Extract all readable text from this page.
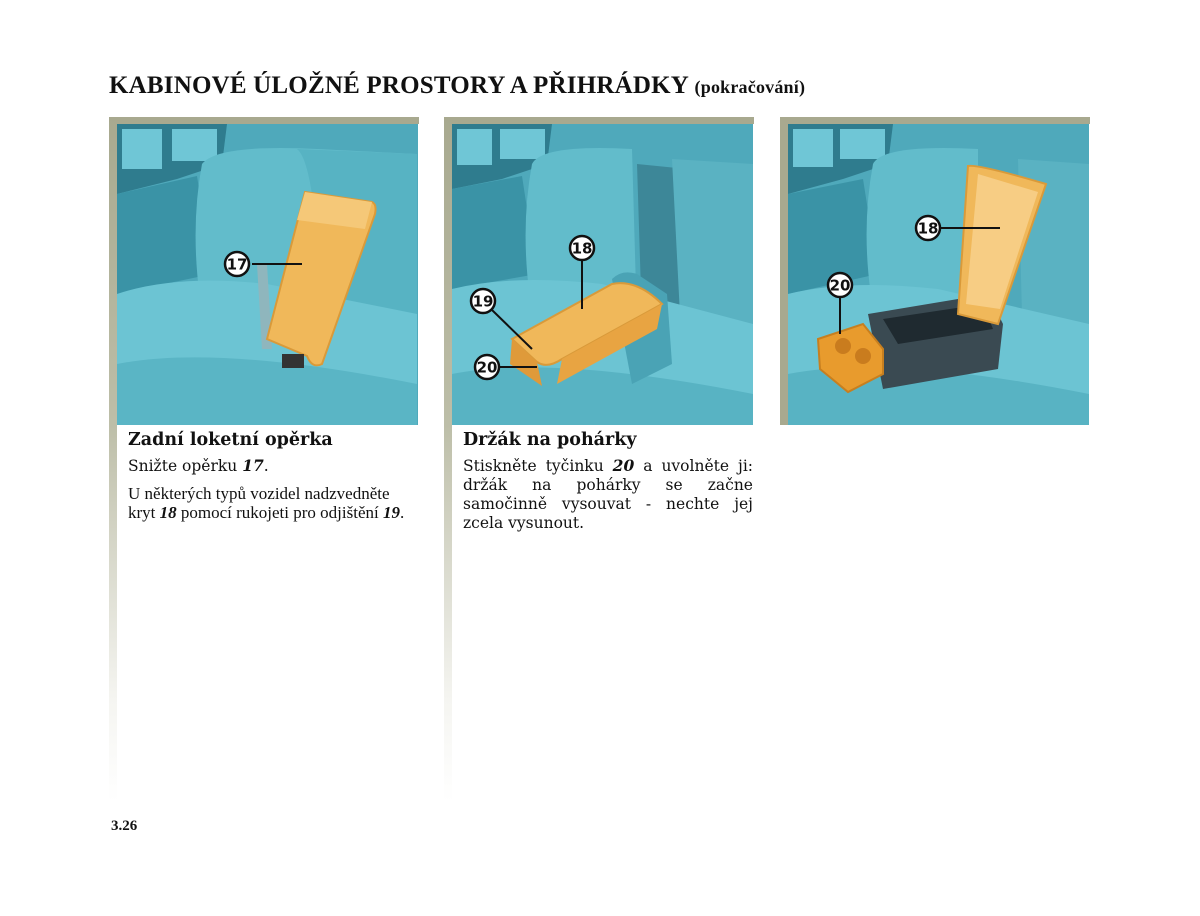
KABINOVÉ ÚLOŽNÉ PROSTORY A PŘIHRÁDKY (pokračování)
17
Zadní loketní opěrka

Snižte opěrku 17.

U některých typů vozidel nadzvedněte kryt 18 pomocí rukojeti pro odjištění 19.

18
19
20
Držák na pohárky

Stiskněte tyčinku 20 a uvolněte ji: držák na pohárky se začne samočinně vysouvat - nechte jej zcela vysunout.

18
20
3.26
